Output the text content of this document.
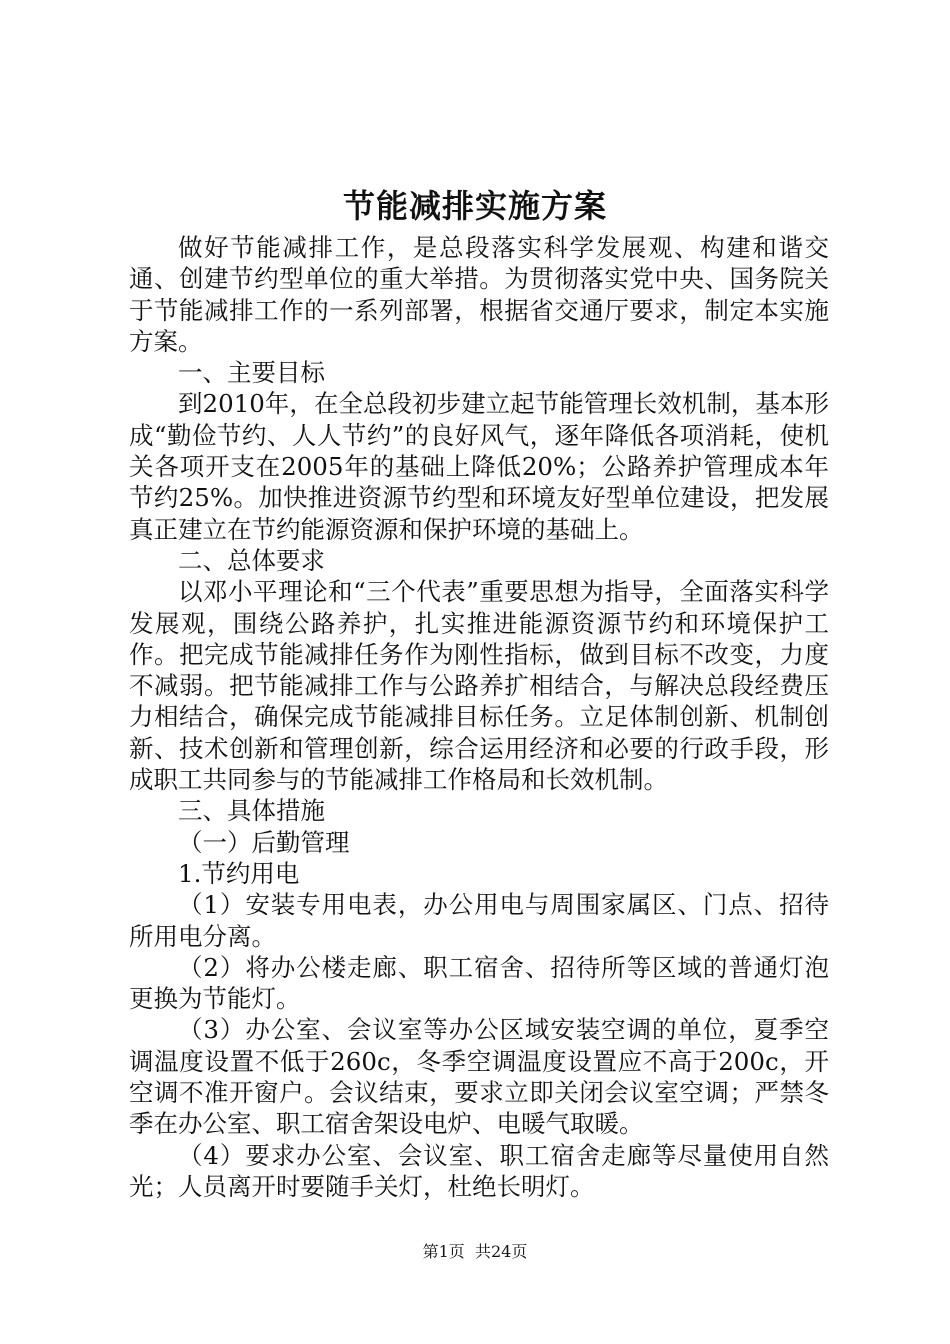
节能减排实施方案

做好节能减排工作，是总段落实科学发展观、构建和谐交通、创建节约型单位的重大举措。为贯彻落实党中央、国务院关于节能减排工作的一系列部署，根据省交通厅要求，制定本实施方案。

一、主要目标

到2010年，在全总段初步建立起节能管理长效机制，基本形成“勤俭节约、人人节约”的良好风气，逐年降低各项消耗，使机关各项开支在2005年的基础上降低20%；公路养护管理成本年节约25%。加快推进资源节约型和环境友好型单位建设，把发展真正建立在节约能源资源和保护环境的基础上。

二、总体要求

以邓小平理论和“三个代表”重要思想为指导，全面落实科学发展观，围绕公路养护，扎实推进能源资源节约和环境保护工作。把完成节能减排任务作为刚性指标，做到目标不改变，力度不减弱。把节能减排工作与公路养扩相结合，与解决总段经费压力相结合，确保完成节能减排目标任务。立足体制创新、机制创新、技术创新和管理创新，综合运用经济和必要的行政手段，形成职工共同参与的节能减排工作格局和长效机制。

三、具体措施

（一）后勤管理

1.节约用电

（1）安装专用电表，办公用电与周围家属区、门点、招待所用电分离。

（2）将办公楼走廊、职工宿舍、招待所等区域的普通灯泡更换为节能灯。

（3）办公室、会议室等办公区域安装空调的单位，夏季空调温度设置不低于260c，冬季空调温度设置应不高于200c，开空调不准开窗户。会议结束，要求立即关闭会议室空调；严禁冬季在办公室、职工宿舍架设电炉、电暖气取暖。

（4）要求办公室、会议室、职工宿舍走廊等尽量使用自然光；人员离开时要随手关灯，杜绝长明灯。

第1页 共24页
